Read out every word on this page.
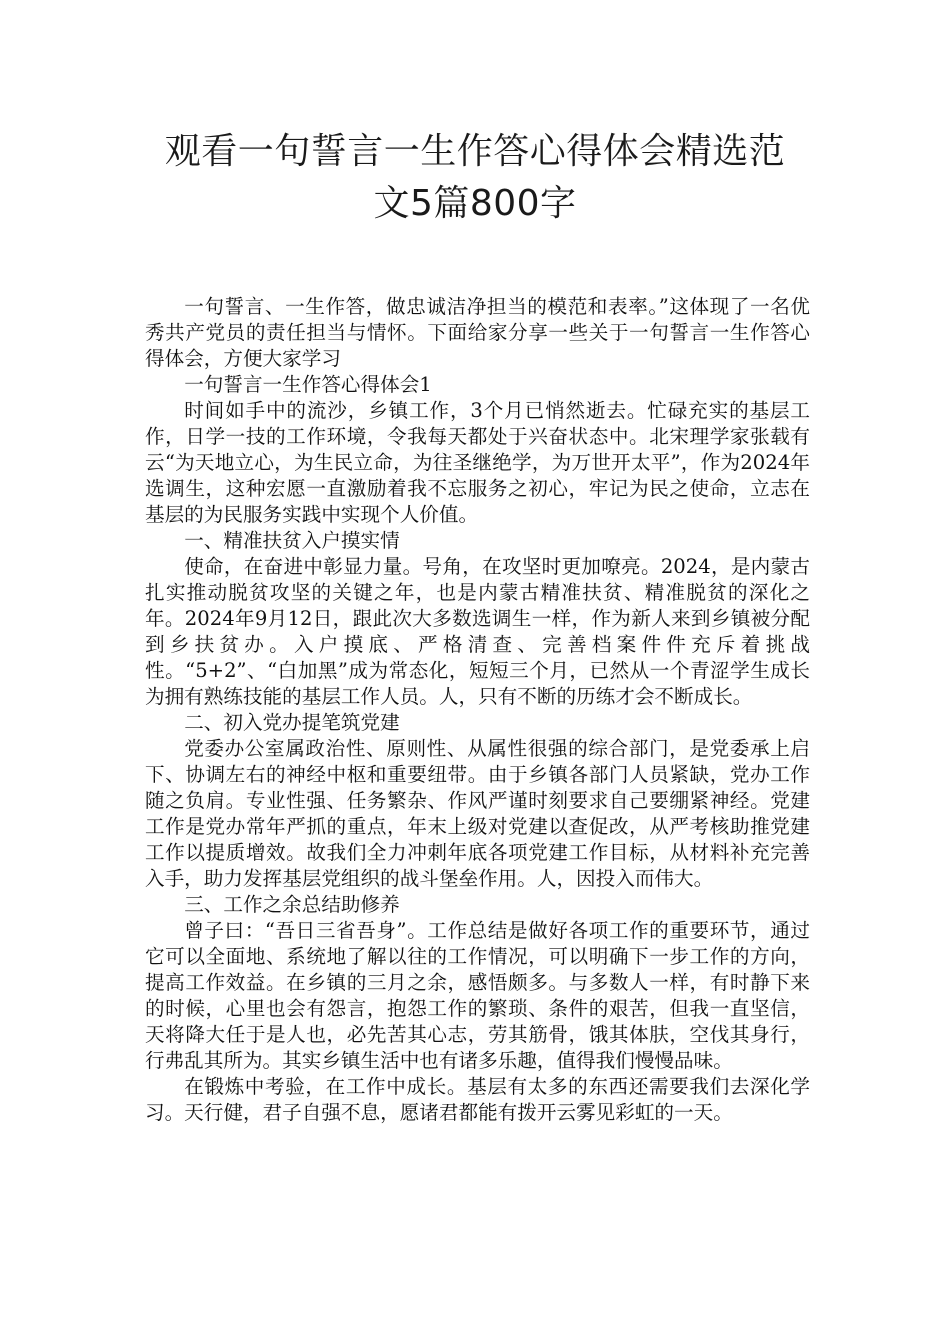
观看一句誓言一生作答心得体会精选范
文5篇800字

一句誓言、一生作答，做忠诚洁净担当的模范和表率。”这体现了一名优秀共产党员的责任担当与情怀。下面给家分享一些关于一句誓言一生作答心得体会，方便大家学习

一句誓言一生作答心得体会1

时间如手中的流沙，乡镇工作，3个月已悄然逝去。忙碌充实的基层工作，日学一技的工作环境，令我每天都处于兴奋状态中。北宋理学家张载有云“为天地立心，为生民立命，为往圣继绝学，为万世开太平”，作为2024年选调生，这种宏愿一直激励着我不忘服务之初心，牢记为民之使命，立志在基层的为民服务实践中实现个人价值。

一、精准扶贫入户摸实情

使命，在奋进中彰显力量。号角，在攻坚时更加嘹亮。2024，是内蒙古扎实推动脱贫攻坚的关键之年，也是内蒙古精准扶贫、精准脱贫的深化之年。2024年9月12日，跟此次大多数选调生一样，作为新人来到乡镇被分配到乡扶贫办。入户摸底、严格清查、完善档案件件充斥着挑战性。“5+2”、“白加黑”成为常态化，短短三个月，已然从一个青涩学生成长为拥有熟练技能的基层工作人员。人，只有不断的历练才会不断成长。

二、初入党办提笔筑党建

党委办公室属政治性、原则性、从属性很强的综合部门，是党委承上启下、协调左右的神经中枢和重要纽带。由于乡镇各部门人员紧缺，党办工作随之负肩。专业性强、任务繁杂、作风严谨时刻要求自己要绷紧神经。党建工作是党办常年严抓的重点，年末上级对党建以查促改，从严考核助推党建工作以提质增效。故我们全力冲刺年底各项党建工作目标，从材料补充完善入手，助力发挥基层党组织的战斗堡垒作用。人，因投入而伟大。

三、工作之余总结助修养

曾子曰：“吾日三省吾身”。工作总结是做好各项工作的重要环节，通过它可以全面地、系统地了解以往的工作情况，可以明确下一步工作的方向，提高工作效益。在乡镇的三月之余，感悟颇多。与多数人一样，有时静下来的时候，心里也会有怨言，抱怨工作的繁琐、条件的艰苦，但我一直坚信，天将降大任于是人也，必先苦其心志，劳其筋骨，饿其体肤，空伐其身行，行弗乱其所为。其实乡镇生活中也有诸多乐趣，值得我们慢慢品味。

在锻炼中考验，在工作中成长。基层有太多的东西还需要我们去深化学习。天行健，君子自强不息，愿诸君都能有拨开云雾见彩虹的一天。
